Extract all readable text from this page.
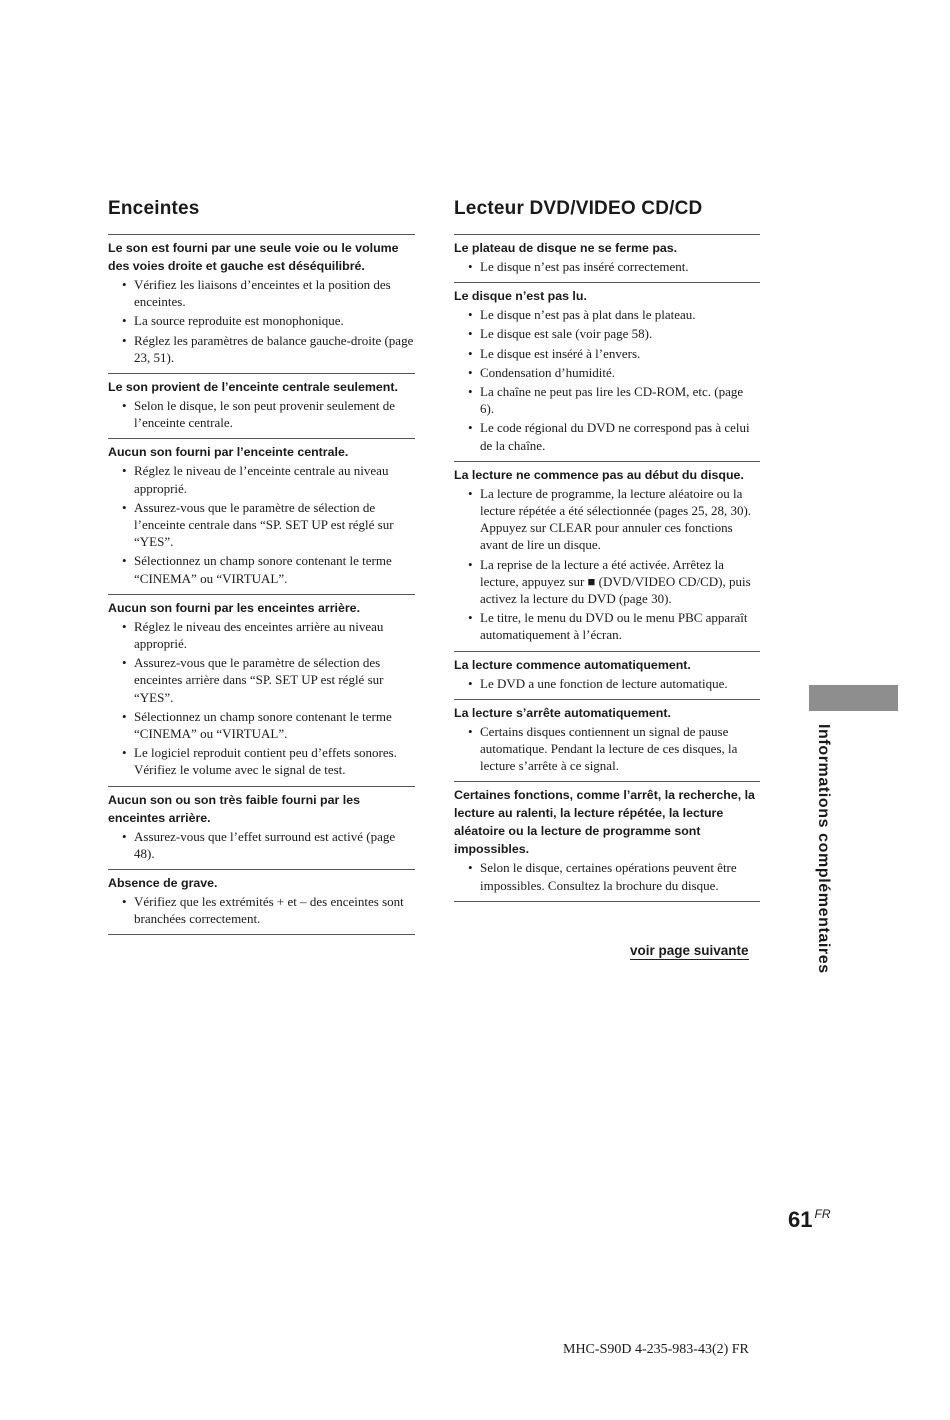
Enceintes
Le son est fourni par une seule voie ou le volume des voies droite et gauche est déséquilibré.
• Vérifiez les liaisons d’enceintes et la position des enceintes.
• La source reproduite est monophonique.
• Réglez les paramètres de balance gauche-droite (page 23, 51).
Le son provient de l’enceinte centrale seulement.
• Selon le disque, le son peut provenir seulement de l’enceinte centrale.
Aucun son fourni par l’enceinte centrale.
• Réglez le niveau de l’enceinte centrale au niveau approprié.
• Assurez-vous que le paramètre de sélection de l’enceinte centrale dans “SP. SET UP est réglé sur “YES”.
• Sélectionnez un champ sonore contenant le terme “CINEMA” ou “VIRTUAL”.
Aucun son fourni par les enceintes arrière.
• Réglez le niveau des enceintes arrière au niveau approprié.
• Assurez-vous que le paramètre de sélection des enceintes arrière dans “SP. SET UP est réglé sur “YES”.
• Sélectionnez un champ sonore contenant le terme “CINEMA” ou “VIRTUAL”.
• Le logiciel reproduit contient peu d’effets sonores. Vérifiez le volume avec le signal de test.
Aucun son ou son très faible fourni par les enceintes arrière.
• Assurez-vous que l’effet surround est activé (page 48).
Absence de grave.
• Vérifiez que les extrémités + et – des enceintes sont branchées correctement.
Lecteur DVD/VIDEO CD/CD
Le plateau de disque ne se ferme pas.
• Le disque n’est pas inséré correctement.
Le disque n’est pas lu.
• Le disque n’est pas à plat dans le plateau.
• Le disque est sale (voir page 58).
• Le disque est inséré à l’envers.
• Condensation d’humidité.
• La chaîne ne peut pas lire les CD-ROM, etc. (page 6).
• Le code régional du DVD ne correspond pas à celui de la chaîne.
La lecture ne commence pas au début du disque.
• La lecture de programme, la lecture aléatoire ou la lecture répétée a été sélectionnée (pages 25, 28, 30). Appuyez sur CLEAR pour annuler ces fonctions avant de lire un disque.
• La reprise de la lecture a été activée. Arrêtez la lecture, appuyez sur ■ (DVD/VIDEO CD/CD), puis activez la lecture du DVD (page 30).
• Le titre, le menu du DVD ou le menu PBC apparaît automatiquement à l’écran.
La lecture commence automatiquement.
• Le DVD a une fonction de lecture automatique.
La lecture s’arrête automatiquement.
• Certains disques contiennent un signal de pause automatique. Pendant la lecture de ces disques, la lecture s’arrête à ce signal.
Certaines fonctions, comme l’arrêt, la recherche, la lecture au ralenti, la lecture répétée, la lecture aléatoire ou la lecture de programme sont impossibles.
• Selon le disque, certaines opérations peuvent être impossibles. Consultez la brochure du disque.
voir page suivante	Informations complémentaires
61 $^{FR}$
MHC-S90D 4-235-983-43(2) FR
